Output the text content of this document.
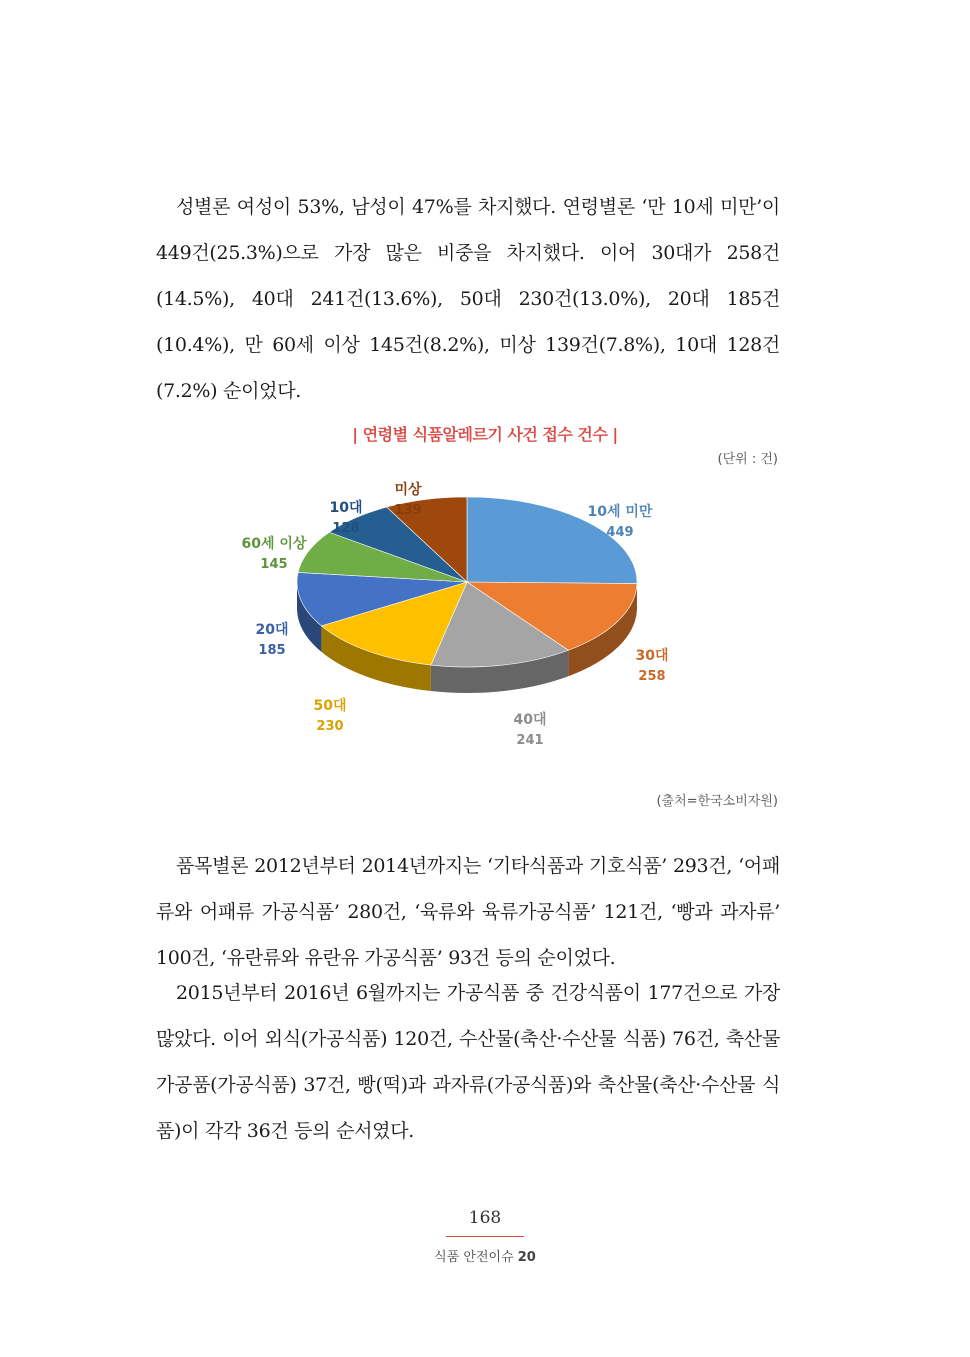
성별론 여성이 53%, 남성이 47%를 차지했다. 연령별론 ‘만 10세 미만’이 449건(25.3%)으로 가장 많은 비중을 차지했다. 이어 30대가 258건(14.5%), 40대 241건(13.6%), 50대 230건(13.0%), 20대 185건(10.4%), 만 60세 이상 145건(8.2%), 미상 139건(7.8%), 10대 128건(7.2%) 순이었다.

| 연령별 식품알레르기 사건 접수 건수 |
(단위 : 건)
10세 미만
449
30대
258
40대
241
50대
230
20대
185
60세 이상
145
10대
128
미상
139
(출처=한국소비자원)

품목별론 2012년부터 2014년까지는 ‘기타식품과 기호식품’ 293건, ‘어패류와 어패류 가공식품’ 280건, ‘육류와 육류가공식품’ 121건, ‘빵과 과자류’ 100건, ‘유란류와 유란유 가공식품’ 93건 등의 순이었다.

2015년부터 2016년 6월까지는 가공식품 중 건강식품이 177건으로 가장 많았다. 이어 외식(가공식품) 120건, 수산물(축산·수산물 식품) 76건, 축산물가공품(가공식품) 37건, 빵(떡)과 과자류(가공식품)와 축산물(축산·수산물 식품)이 각각 36건 등의 순서였다.

168
식품 안전이슈 20
